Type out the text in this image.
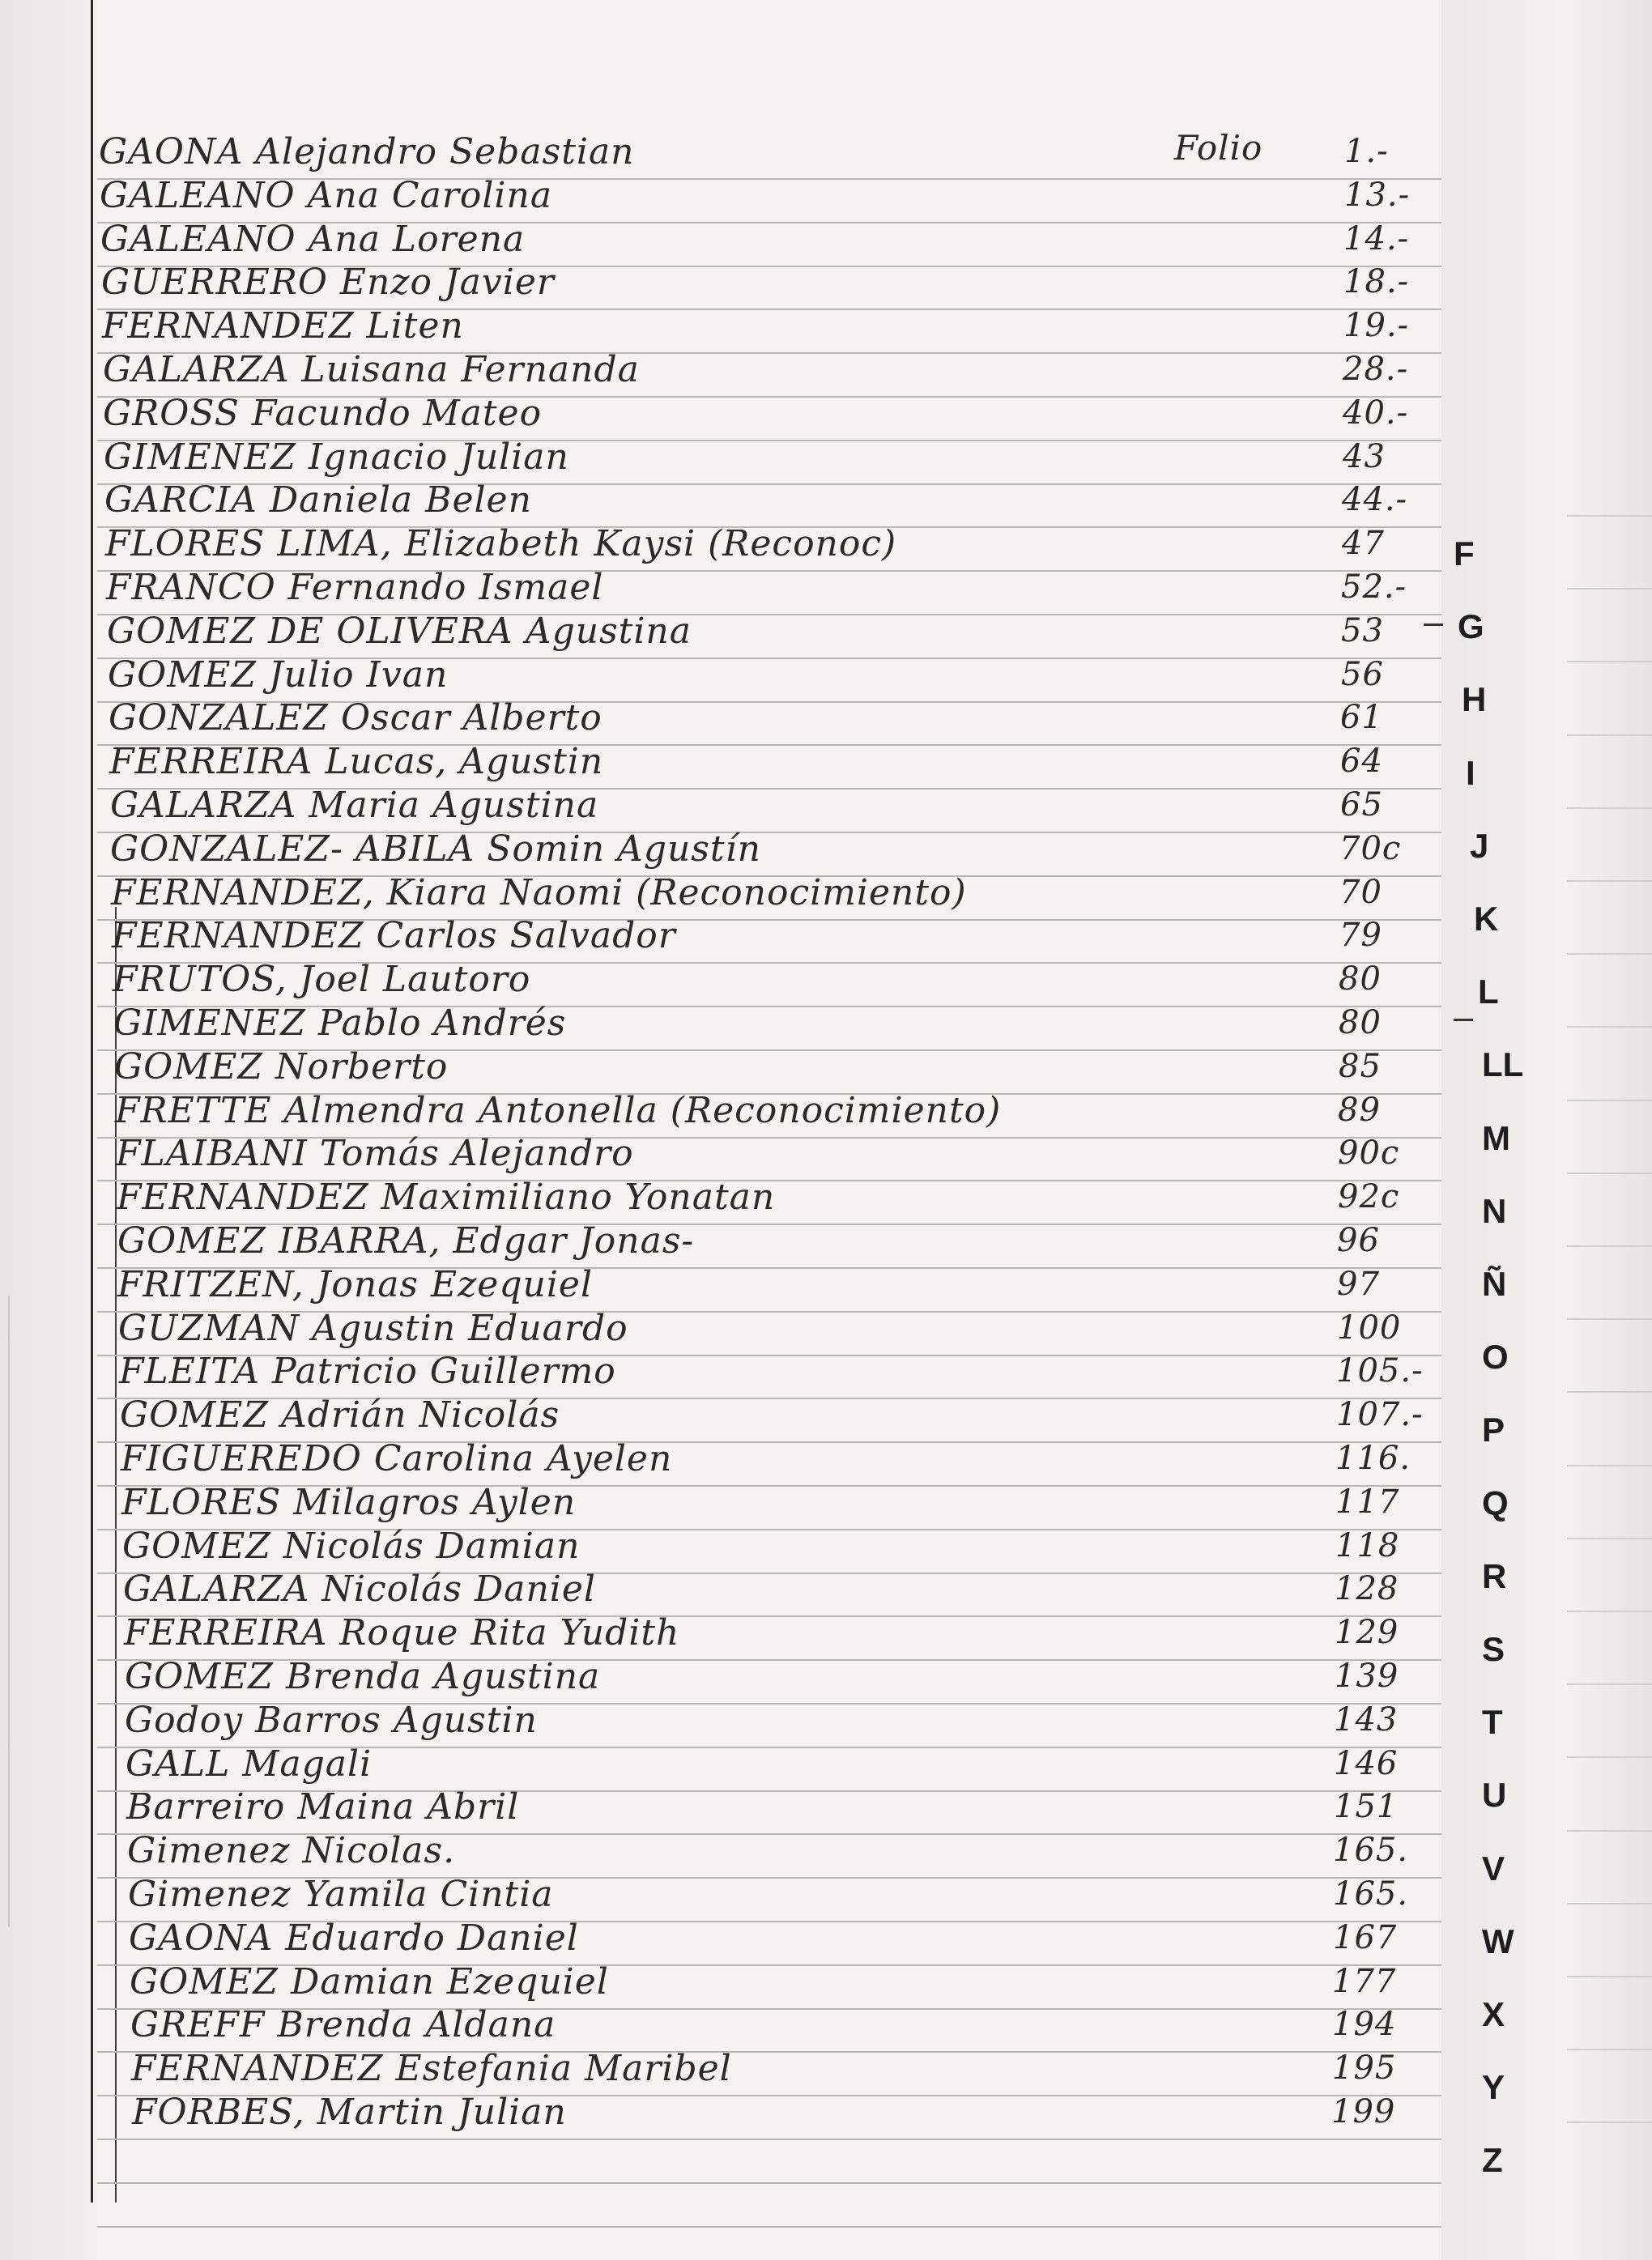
Folio
GAONA Alejandro Sebastian	1.-
GALEANO Ana Carolina	13.-
GALEANO Ana Lorena	14.-
GUERRERO Enzo Javier	18.-
FERNANDEZ Liten	19.-
GALARZA Luisana Fernanda	28.-
GROSS Facundo Mateo	40.-
GIMENEZ Ignacio Julian	43
GARCIA Daniela Belen	44.-
FLORES LIMA, Elizabeth Kaysi (Reconoc)	47
FRANCO Fernando Ismael	52.-
GOMEZ DE OLIVERA Agustina	53
GOMEZ Julio Ivan	56
GONZALEZ Oscar Alberto	61
FERREIRA Lucas, Agustin	64
GALARZA Maria Agustina	65
GONZALEZ- ABILA Somin Agustín	70c
FERNANDEZ, Kiara Naomi (Reconocimiento)	70
FERNANDEZ Carlos Salvador	79
FRUTOS, Joel Lautoro	80
GIMENEZ Pablo Andrés	80
GOMEZ Norberto	85
FRETTE Almendra Antonella (Reconocimiento)	89
FLAIBANI Tomás Alejandro	90c
FERNANDEZ Maximiliano Yonatan	92c
GOMEZ IBARRA, Edgar Jonas-	96
FRITZEN, Jonas Ezequiel	97
GUZMAN Agustin Eduardo	100
FLEITA Patricio Guillermo	105.-
GOMEZ Adrián Nicolás	107.-
FIGUEREDO Carolina Ayelen	116.
FLORES Milagros Aylen	117
GOMEZ Nicolás Damian	118
GALARZA Nicolás Daniel	128
FERREIRA Roque Rita Yudith	129
GOMEZ Brenda Agustina	139
Godoy Barros Agustin	143
GALL Magali	146
Barreiro Maina Abril	151
Gimenez Nicolas.	165.
Gimenez Yamila Cintia	165.
GAONA Eduardo Daniel	167
GOMEZ Damian Ezequiel	177
GREFF Brenda Aldana	194
FERNANDEZ Estefania Maribel	195
FORBES, Martin Julian	199
F
G
H
I
J
K
L
LL
M
N
Ñ
O
P
Q
R
S
T
U
V
W
X
Y
Z
